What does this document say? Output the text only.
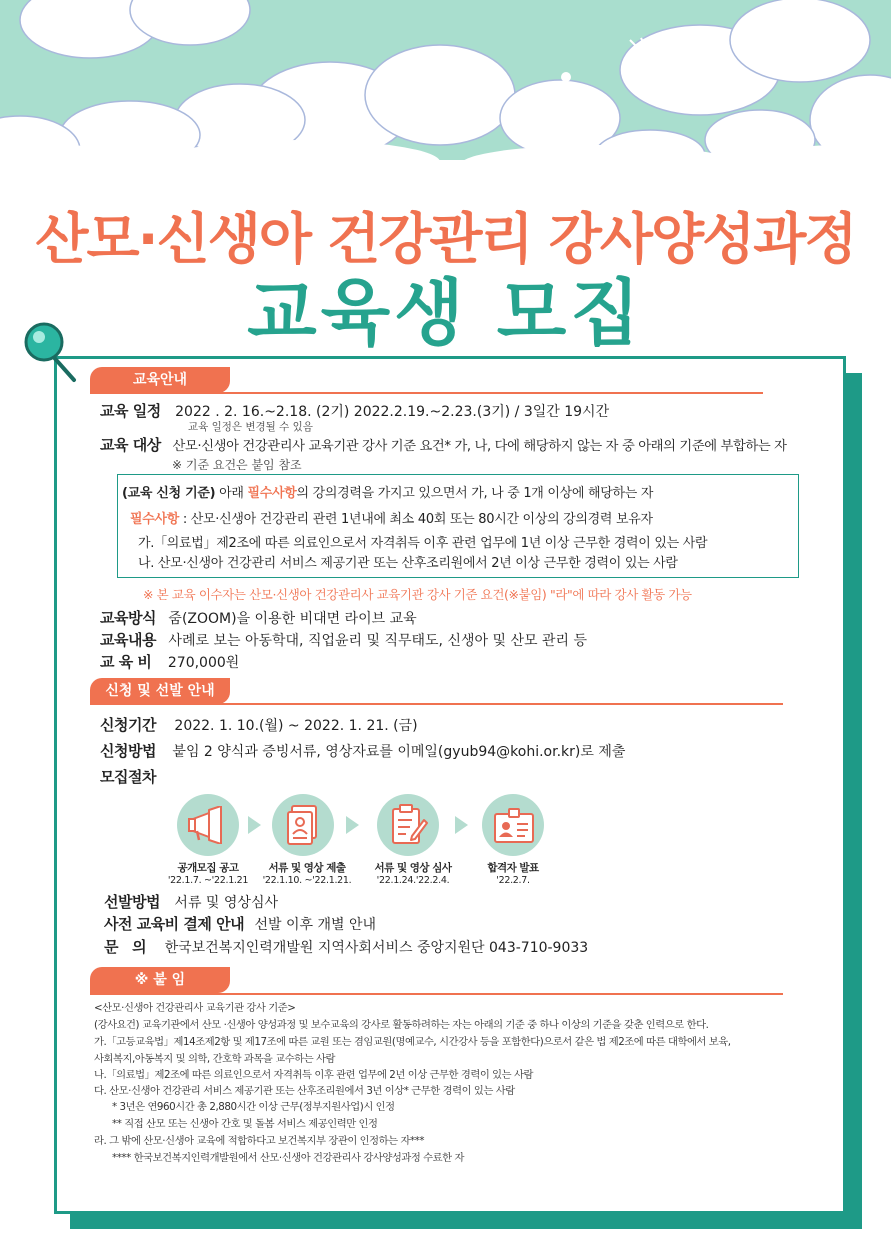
산모·신생아 건강관리 강사양성과정
교육생 모집
교육안내
교육 일정 2022 . 2. 16.~2.18. (2기) 2022.2.19.~2.23.(3기) / 3일간 19시간
교육 일정은 변경될 수 있음
교육 대상 산모·신생아 건강관리사 교육기관 강사 기준 요건* 가, 나, 다에 해당하지 않는 자 중 아래의 기준에 부합하는 자
※ 기준 요건은 붙임 참조
(교육 신청 기준) 아래 필수사항의 강의경력을 가지고 있으면서 가, 나 중 1개 이상에 해당하는 자
필수사항 : 산모·신생아 건강관리 관련 1년내에 최소 40회 또는 80시간 이상의 강의경력 보유자
가.「의료법」제2조에 따른 의료인으로서 자격취득 이후 관련 업무에 1년 이상 근무한 경력이 있는 사람
나. 산모·신생아 건강관리 서비스 제공기관 또는 산후조리원에서 2년 이상 근무한 경력이 있는 사람
※ 본 교육 이수자는 산모·신생아 건강관리사 교육기관 강사 기준 요건(※붙임) "라"에 따라 강사 활동 가능
교육방식 줌(ZOOM)을 이용한 비대면 라이브 교육
교육내용 사례로 보는 아동학대, 직업윤리 및 직무태도, 신생아 및 산모 관리 등
교 육 비 270,000원
신청 및 선발 안내
신청기간 2022. 1. 10.(월) ~ 2022. 1. 21. (금)
신청방법 붙임 2 양식과 증빙서류, 영상자료를 이메일(gyub94@kohi.or.kr)로 제출
모집절차
공개모집 공고	서류 및 영상 제출	서류 및 영상 심사	합격자 발표
'22.1.7. ~'22.1.21	'22.1.10. ~'22.1.21.	'22.1.24.'22.2.4.	'22.2.7.
선발방법 서류 및 영상심사
사전 교육비 결제 안내 선발 이후 개별 안내
문   의 한국보건복지인력개발원 지역사회서비스 중앙지원단 043-710-9033
※ 붙 임
<산모·신생아 건강관리사 교육기관 강사 기준>
(강사요건) 교육기관에서 산모 ·신생아 양성과정 및 보수교육의 강사로 활동하려하는 자는 아래의 기준 중 하나 이상의 기준을 갖춘 인력으로 한다.
가.「고등교육법」제14조제2항 및 제17조에 따른 교원 또는 겸임교원(명예교수, 시간강사 등을 포함한다)으로서 같은 법 제2조에 따른 대학에서 보육,
사회복지,아동복지 및 의학, 간호학 과목을 교수하는 사람
나.「의료법」제2조에 따른 의료인으로서 자격취득 이후 관련 업무에 2년 이상 근무한 경력이 있는 사람
다. 산모·신생아 건강관리 서비스 제공기관 또는 산후조리원에서 3년 이상* 근무한 경력이 있는 사람
* 3년은 연960시간 총 2,880시간 이상 근무(정부지원사업)시 인정
** 직접 산모 또는 신생아 간호 및 돌봄 서비스 제공인력만 인정
라. 그 밖에 산모·신생아 교육에 적합하다고 보건복지부 장관이 인정하는 자***
**** 한국보건복지인력개발원에서 산모·신생아 건강관리사 강사양성과정 수료한 자
